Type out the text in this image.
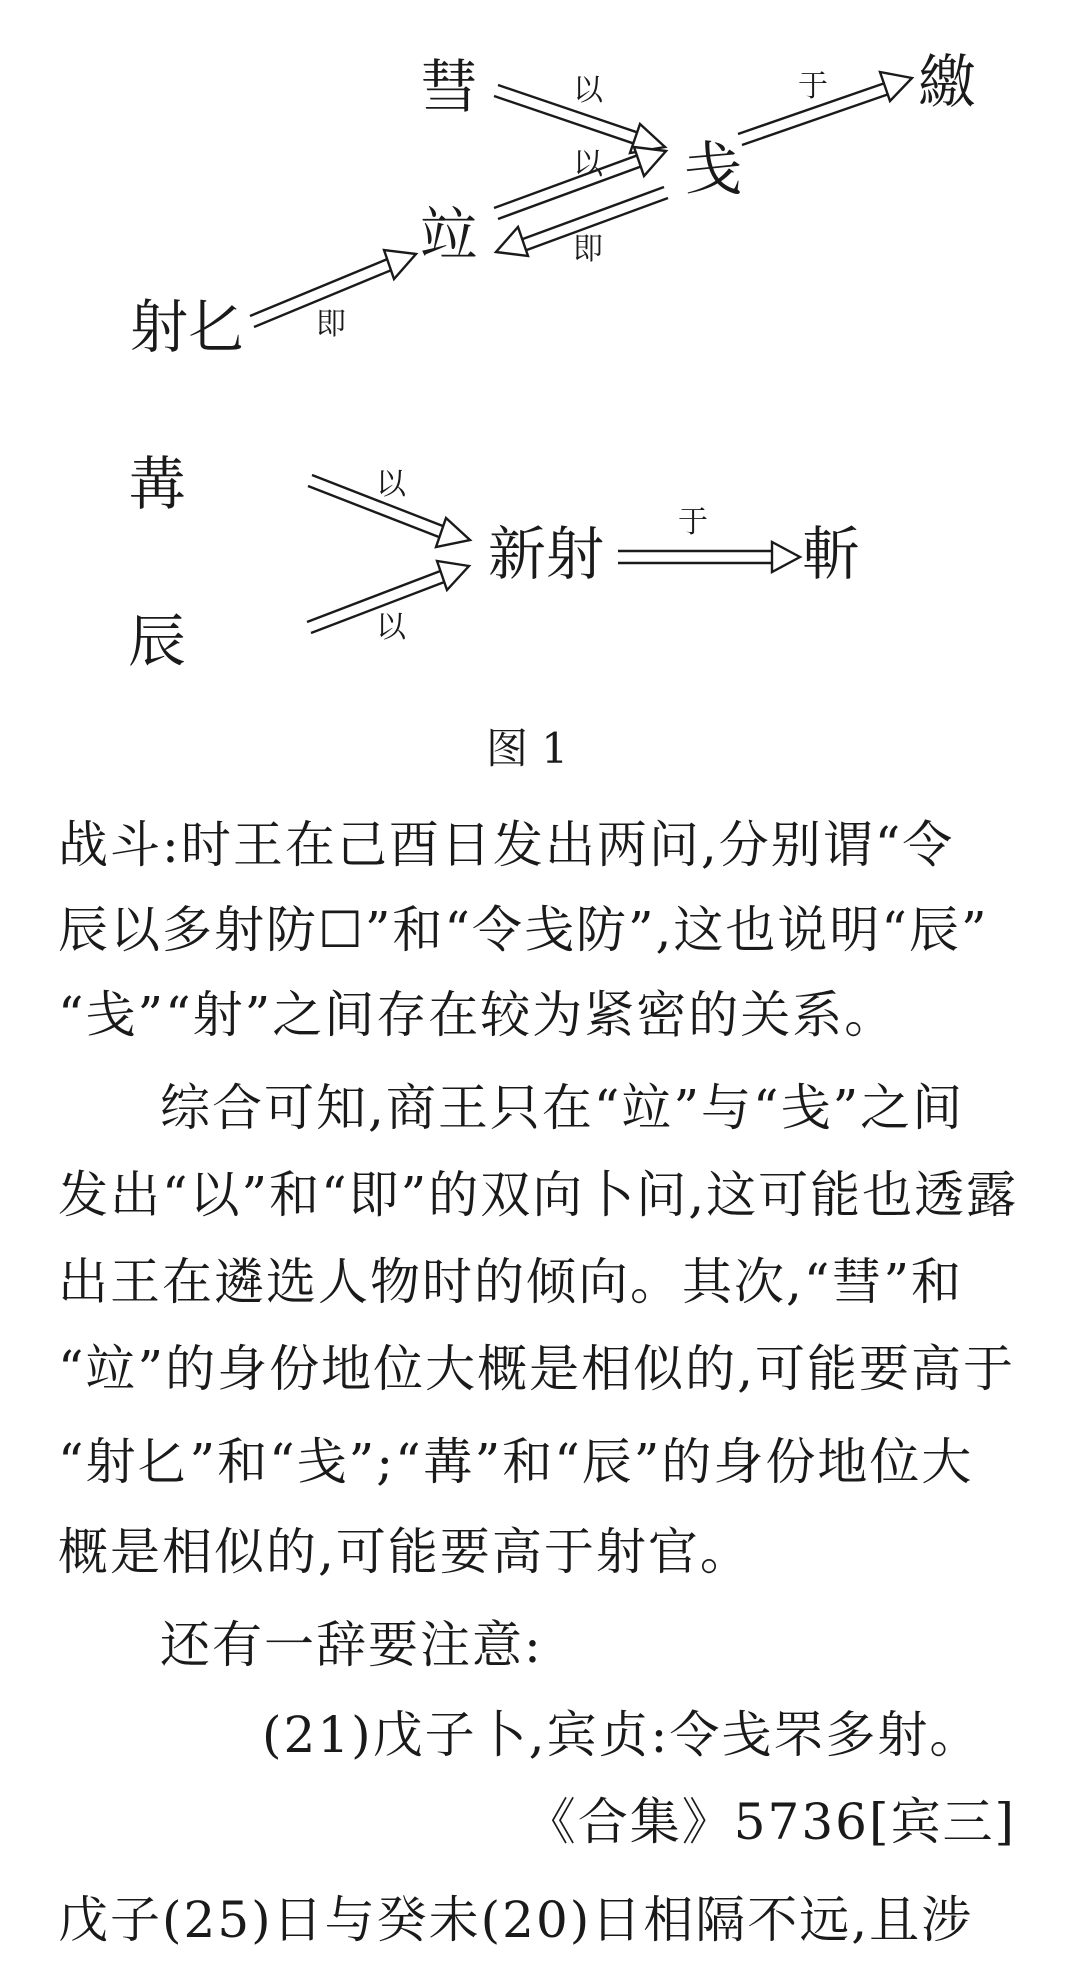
彗
戋
繳
竝
射𠤎
冓
辰
新射	斬
以
以
即
于
即
以
以
于
图 1
战斗:时王在己酉日发出两问,分别谓“令
辰以多射防☐”和“令戋防”,这也说明“辰”
“戋”“射”之间存在较为紧密的关系。
综合可知,商王只在“竝”与“戋”之间
发出“以”和“即”的双向卜问,这可能也透露
出王在遴选人物时的倾向。其次,“彗”和
“竝”的身份地位大概是相似的,可能要高于
“射𠤎”和“戋”;“冓”和“辰”的身份地位大
概是相似的,可能要高于射官。
还有一辞要注意:
(21)戊子卜,宾贞:令戋罘多射。
《合集》5736[宾三]
戊子(25)日与癸未(20)日相隔不远,且涉
